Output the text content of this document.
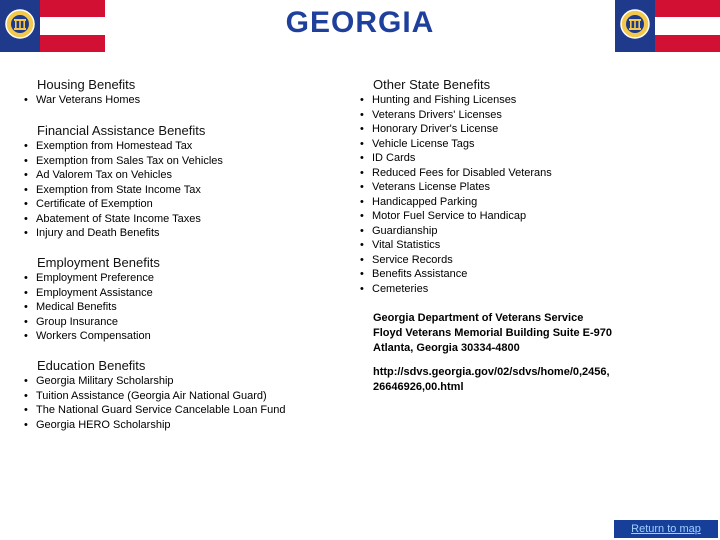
GEORGIA
Housing Benefits
• War Veterans Homes
Financial Assistance Benefits
• Exemption from Homestead Tax
• Exemption from Sales Tax on Vehicles
• Ad Valorem Tax on Vehicles
• Exemption from State Income Tax
• Certificate of Exemption
• Abatement of State Income Taxes
• Injury and Death Benefits
Employment Benefits
• Employment Preference
• Employment Assistance
• Medical Benefits
• Group Insurance
• Workers Compensation
Education Benefits
• Georgia Military Scholarship
• Tuition Assistance (Georgia Air National Guard)
• The National Guard Service Cancelable Loan Fund
• Georgia HERO Scholarship
Other State Benefits
• Hunting and Fishing Licenses
• Veterans Drivers' Licenses
• Honorary Driver's License
• Vehicle License Tags
• ID Cards
• Reduced Fees for Disabled Veterans
• Veterans License Plates
• Handicapped Parking
• Motor Fuel Service to Handicap
• Guardianship
• Vital Statistics
• Service Records
• Benefits Assistance
• Cemeteries
Georgia Department of Veterans Service
Floyd Veterans Memorial Building Suite E-970
Atlanta, Georgia 30334-4800
http://sdvs.georgia.gov/02/sdvs/home/0,2456,
26646926,00.html
Return to map
